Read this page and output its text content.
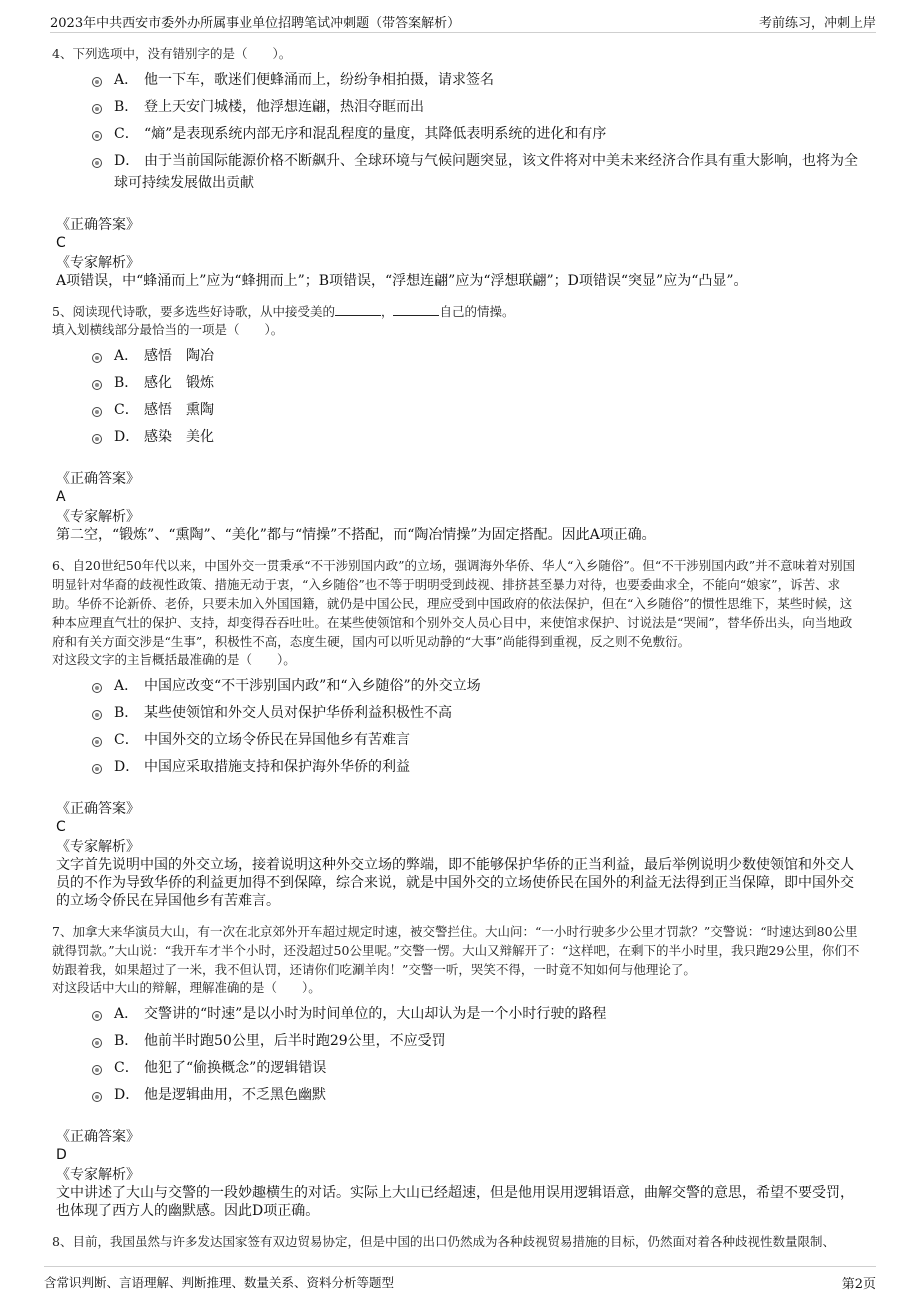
2023年中共西安市委外办所属事业单位招聘笔试冲刺题（带答案解析）	考前练习，冲刺上岸

4、下列选项中，没有错别字的是（　　）。

A． 他一下车，歌迷们便蜂涌而上，纷纷争相拍摄，请求签名
B． 登上天安门城楼，他浮想连翩，热泪夺眶而出
C． “熵”是表现系统内部无序和混乱程度的量度，其降低表明系统的进化和有序
D． 由于当前国际能源价格不断飙升、全球环境与气候问题突显，该文件将对中美未来经济合作具有重大影响，也将为全球可持续发展做出贡献

《正确答案》

C

《专家解析》

A项错误，中“蜂涌而上”应为“蜂拥而上”；B项错误，“浮想连翩”应为“浮想联翩”；D项错误“突显”应为“凸显”。

5、阅读现代诗歌，要多选些好诗歌，从中接受美的	，	自己的情操。

填入划横线部分最恰当的一项是（　　）。

A． 感悟　陶冶
B． 感化　锻炼
C． 感悟　熏陶
D． 感染　美化

《正确答案》

A

《专家解析》

第二空，“锻炼”、“熏陶”、“美化”都与“情操”不搭配，而“陶冶情操”为固定搭配。因此A项正确。

6、自20世纪50年代以来，中国外交一贯秉承“不干涉别国内政”的立场，强调海外华侨、华人“入乡随俗”。但“不干涉别国内政”并不意味着对别国明显针对华裔的歧视性政策、措施无动于衷，“入乡随俗”也不等于明明受到歧视、排挤甚至暴力对待，也要委曲求全，不能向“娘家”，诉苦、求助。华侨不论新侨、老侨，只要未加入外国国籍，就仍是中国公民，理应受到中国政府的依法保护，但在“入乡随俗”的惯性思维下，某些时候，这种本应理直气壮的保护、支持，却变得吞吞吐吐。在某些使领馆和个别外交人员心目中，来使馆求保护、讨说法是“哭闹”，替华侨出头，向当地政府和有关方面交涉是“生事”，积极性不高，态度生硬，国内可以听见动静的“大事”尚能得到重视，反之则不免敷衍。

对这段文字的主旨概括最准确的是（　　）。

A． 中国应改变“不干涉别国内政”和“入乡随俗”的外交立场
B． 某些使领馆和外交人员对保护华侨利益积极性不高
C． 中国外交的立场令侨民在异国他乡有苦难言
D． 中国应采取措施支持和保护海外华侨的利益

《正确答案》

C

《专家解析》

文字首先说明中国的外交立场，接着说明这种外交立场的弊端，即不能够保护华侨的正当利益，最后举例说明少数使领馆和外交人员的不作为导致华侨的利益更加得不到保障，综合来说，就是中国外交的立场使侨民在国外的利益无法得到正当保障，即中国外交的立场令侨民在异国他乡有苦难言。

7、加拿大来华演员大山，有一次在北京郊外开车超过规定时速，被交警拦住。大山问：“一小时行驶多少公里才罚款？”交警说：“时速达到80公里就得罚款。”大山说：“我开车才半个小时，还没超过50公里呢。”交警一愣。大山又辩解开了：“这样吧，在剩下的半小时里，我只跑29公里，你们不妨跟着我，如果超过了一米，我不但认罚，还请你们吃涮羊肉！”交警一听，哭笑不得，一时竟不知如何与他理论了。

对这段话中大山的辩解，理解准确的是（　　）。

A． 交警讲的“时速”是以小时为时间单位的，大山却认为是一个小时行驶的路程
B． 他前半时跑50公里，后半时跑29公里，不应受罚
C． 他犯了“偷换概念”的逻辑错误
D． 他是逻辑曲用，不乏黑色幽默

《正确答案》

D

《专家解析》

文中讲述了大山与交警的一段妙趣横生的对话。实际上大山已经超速，但是他用误用逻辑语意，曲解交警的意思，希望不要受罚，也体现了西方人的幽默感。因此D项正确。

8、目前，我国虽然与许多发达国家签有双边贸易协定，但是中国的出口仍然成为各种歧视贸易措施的目标，仍然面对着各种歧视性数量限制、

含常识判断、言语理解、判断推理、数量关系、资料分析等题型	第2页
